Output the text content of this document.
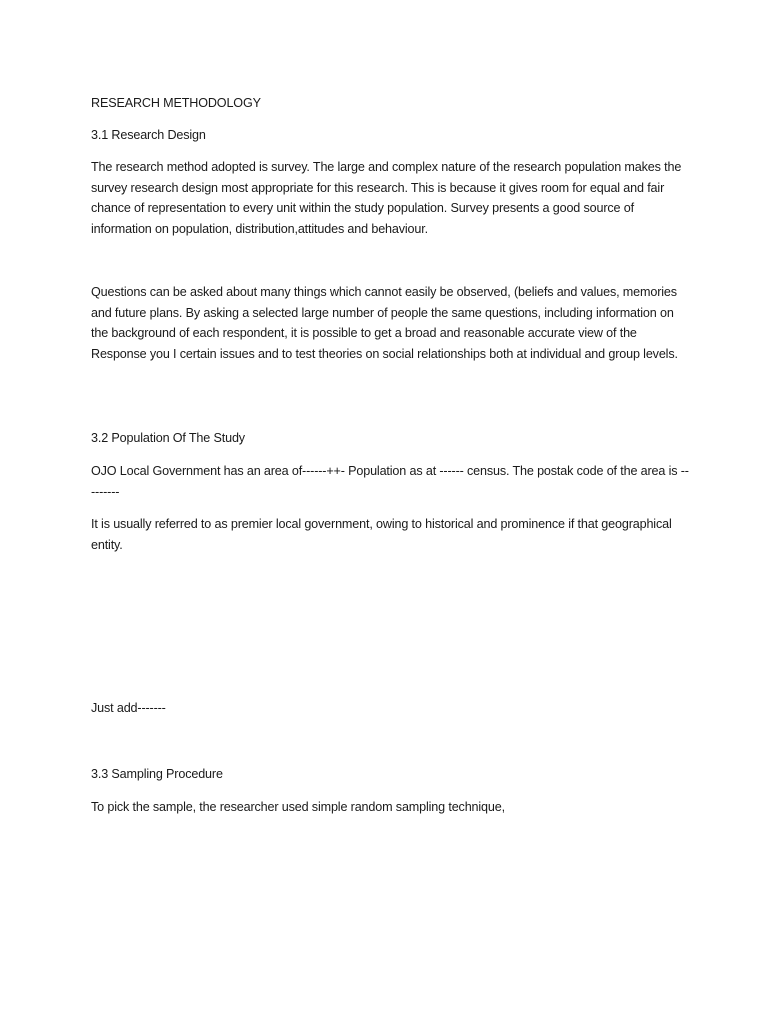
RESEARCH METHODOLOGY
3.1 Research Design
The research method adopted is survey. The large and complex nature of the research population makes the survey research design most appropriate for this research. This is because it gives room for equal and fair chance of representation to every unit within the study population. Survey presents a good source of information on population, distribution,attitudes and behaviour.
Questions can be asked about many things which cannot easily be observed, (beliefs and values, memories and future plans. By asking a selected large number of people the same questions, including information on the background of each respondent, it is possible to get a broad and reasonable accurate view of the Response you I certain issues and to test theories on social relationships both at individual and group levels.
3.2 Population Of The Study
OJO Local Government has an area of------++- Population as at ------ census. The postak code of the area is ---------
It is usually referred to as premier local government, owing to historical and prominence if that geographical entity.
Just add-------
3.3 Sampling Procedure
To pick the sample, the researcher used simple random sampling technique,
